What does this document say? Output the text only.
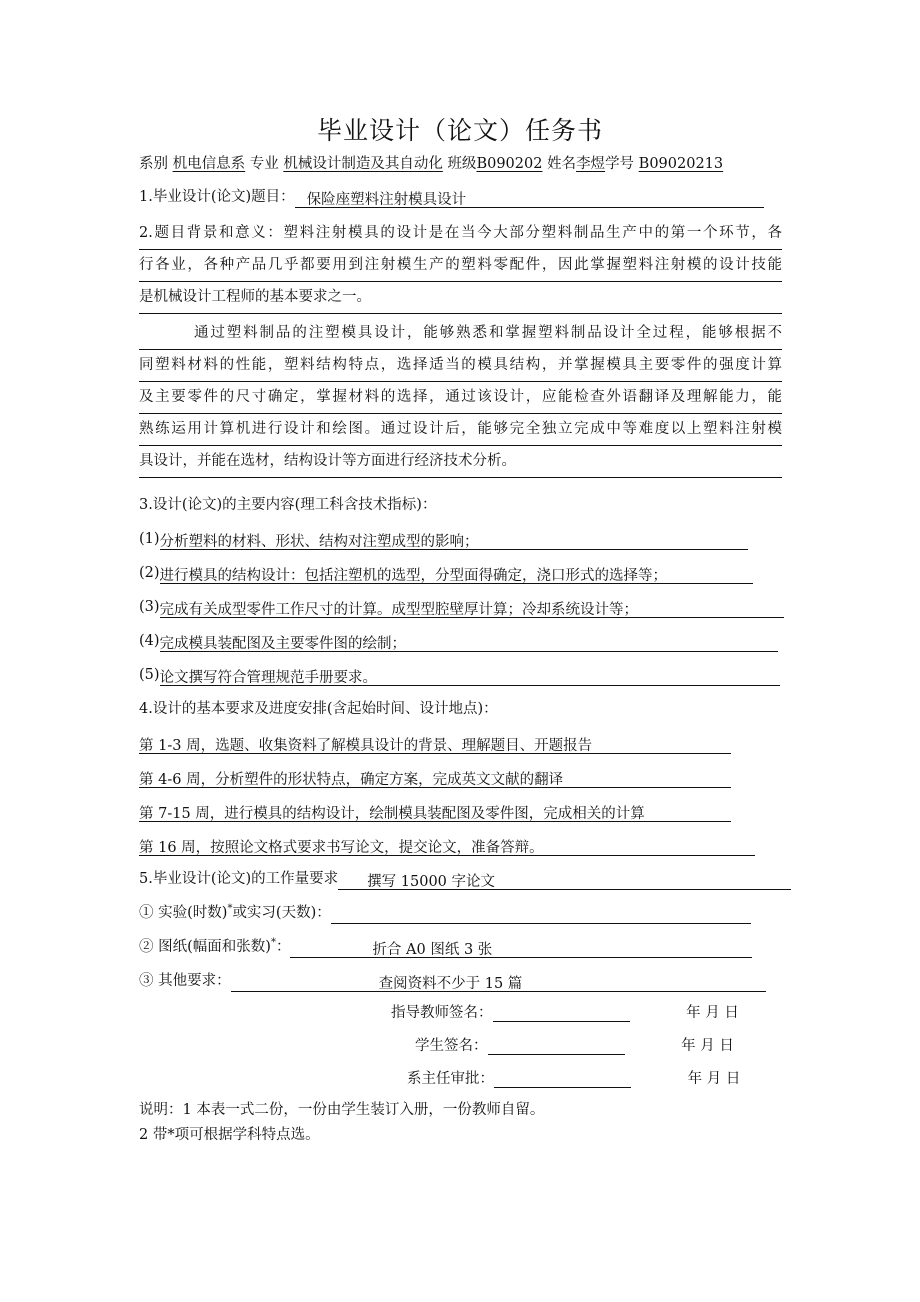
毕业设计（论文）任务书
系别 机电信息系 专业 机械设计制造及其自动化 班级B090202 姓名李煜学号 B09020213
1.毕业设计(论文)题目： 保险座塑料注射模具设计
2.题目背景和意义：塑料注射模具的设计是在当今大部分塑料制品生产中的第一个环节，各
行各业，各种产品几乎都要用到注射模生产的塑料零配件，因此掌握塑料注射模的设计技能
是机械设计工程师的基本要求之一。
通过塑料制品的注塑模具设计，能够熟悉和掌握塑料制品设计全过程，能够根据不
同塑料材料的性能，塑料结构特点，选择适当的模具结构，并掌握模具主要零件的强度计算
及主要零件的尺寸确定，掌握材料的选择，通过该设计，应能检查外语翻译及理解能力，能
熟练运用计算机进行设计和绘图。通过设计后，能够完全独立完成中等难度以上塑料注射模
具设计，并能在选材，结构设计等方面进行经济技术分析。
3.设计(论文)的主要内容(理工科含技术指标)：
(1)分析塑料的材料、形状、结构对注塑成型的影响；
(2)进行模具的结构设计：包括注塑机的选型，分型面得确定，浇口形式的选择等；
(3)完成有关成型零件工作尺寸的计算。成型型腔壁厚计算；冷却系统设计等；
(4)完成模具装配图及主要零件图的绘制；
(5)论文撰写符合管理规范手册要求。
4.设计的基本要求及进度安排(含起始时间、设计地点)：
第 1-3 周，选题、收集资料了解模具设计的背景、理解题目、开题报告
第 4-6 周，分析塑件的形状特点，确定方案，完成英文文献的翻译
第 7-15 周，进行模具的结构设计，绘制模具装配图及零件图，完成相关的计算
第 16 周，按照论文格式要求书写论文，提交论文，准备答辩。
5.毕业设计(论文)的工作量要求 撰写 15000 字论文
① 实验(时数)*或实习(天数)：
② 图纸(幅面和张数)*：	折合 A0 图纸 3 张
③ 其他要求：	查阅资料不少于 15 篇
指导教师签名：	年 月 日
学生签名：	年 月 日
系主任审批：	年 月 日
说明：1 本表一式二份，一份由学生装订入册，一份教师自留。
2 带*项可根据学科特点选。
